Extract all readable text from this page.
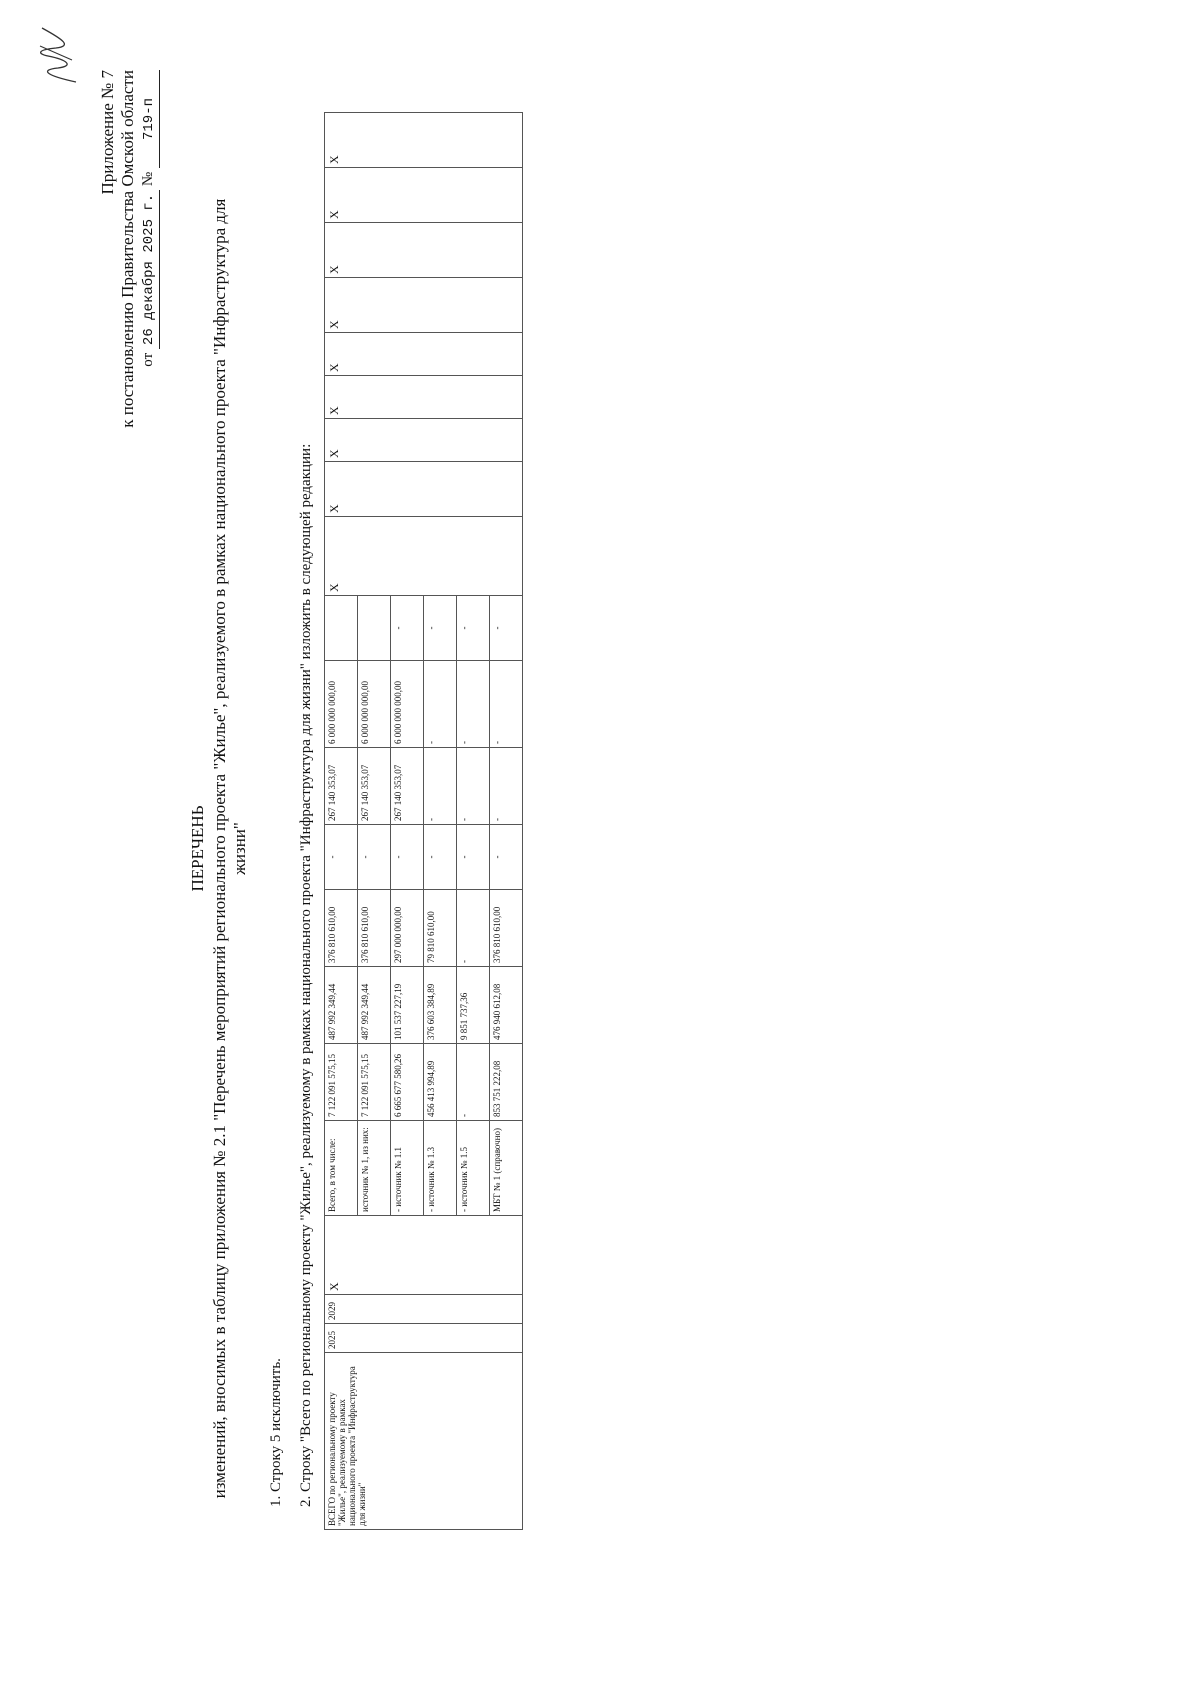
Приложение № 7 к постановлению Правительства Омской области от 26 декабря 2025 г. № 719-п
ПЕРЕЧЕНЬ изменений, вносимых в таблицу приложения № 2.1 "Перечень мероприятий регионального проекта "Жилье", реализуемого в рамках национального проекта "Инфраструктура для жизни"
1. Строку 5 исключить. 2. Строку "Всего по региональному проекту "Жилье", реализуемому в рамках национального проекта "Инфраструктура для жизни" изложить в следующей редакции: ВСЕГО по региональному проекту "Жилье", реализуемому в рамках национального проекта "Инфраструктура для жизни"	2025	2029	X	Всего, в том числе:	7 122 091 575,15	487 992 349,44	376 810 610,00	-	267 140 353,07	6 000 000 000,00		X	X	X	X	X	X	X	X	X
				источник № 1, из них:	7 122 091 575,15	487 992 349,44	376 810 610,00	-	267 140 353,07	6 000 000 000,00										
				- источник № 1.1	6 665 677 580,26	101 537 227,19	297 000 000,00	-	267 140 353,07	6 000 000 000,00	-									
				- источник № 1.3	456 413 994,89	376 603 384,89	79 810 610,00	-	-	-	-									
				- источник № 1.5	-	9 851 737,36	-	-	-	-	-									
				МБТ № 1 (справочно)	853 751 222,08	476 940 612,08	376 810 610,00	-	-	-	-									
